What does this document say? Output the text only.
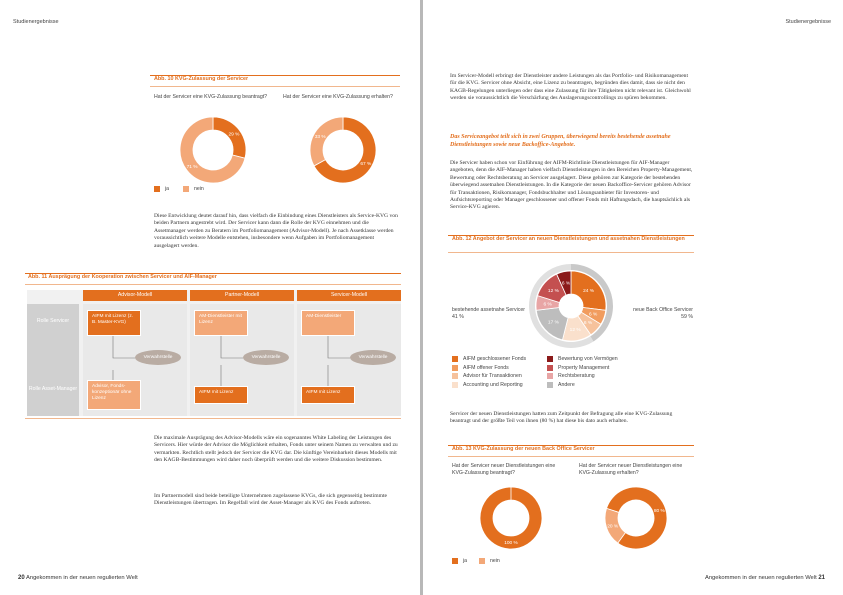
Studienergebnisse
Abb. 10 KVG-Zulassung der Servicer
Hat der Servicer eine KVG-Zulassung beantragt?	Hat der Servicer eine KVG-Zulassung erhalten?
29 %
71 %
67 %
33 %
ja	nein
Diese Entwicklung deutet darauf hin, dass vielfach die Einbindung eines Dienstleisters als Service-KVG von beiden Partnern angestrebt wird. Der Servicer kann dann die Rolle der KVG einnehmen und die Assetmanager werden zu Beratern im Portfoliomanagement (Advisor-Modell). Je nach Assetklasse werden voraussichtlich weitere Modelle entstehen, insbesondere wenn Aufgaben im Portfoliomanagement ausgelagert werden.
Abb. 11 Ausprägung der Kooperation zwischen Servicer und AIF-Manager
Rolle Servicer
Rolle Asset-Manager
Advisor-Modell
AIFM mit Lizenz (z. B. Master-KVG)
Verwahrstelle
Advisor, Fonds-konzeptionär ohne Lizenz
Partner-Modell
AM-Dienstleister mit Lizenz
Verwahrstelle
AIFM mit Lizenz
Servicer-Modell
AM-Dienstleister
Verwahrstelle
AIFM mit Lizenz
Die maximale Ausprägung des Advisor-Modells wäre ein sogenanntes White Labeling der Leistungen des Servicers. Hier würde der Advisor die Möglichkeit erhalten, Fonds unter seinem Namen zu verwalten und zu vermarkten. Rechtlich stellt jedoch der Servicer die KVG dar. Die künftige Vereinbarkeit dieses Modells mit den KAGB-Bestimmungen wird daher noch überprüft werden und die weitere Diskussion bestimmen.
Im Partnermodell sind beide beteiligte Unternehmen zugelassene KVGs, die sich gegenseitig bestimmte Dienstleistungen übertragen. Im Regelfall wird der Asset-Manager als KVG des Fonds auftreten.
20 Angekommen in der neuen regulierten Welt
Studienergebnisse
Im Servicer-Modell erbringt der Dienstleister andere Leistungen als das Portfolio- und Risikomanagement für die KVG. Servicer ohne Absicht, eine Lizenz zu beantragen, begründen dies damit, dass sie nicht den KAGB-Regelungen unterliegen oder dass eine Zulassung für ihre Tätigkeiten nicht relevant ist. Gleichwohl werden sie voraussichtlich die Verschärfung des Auslagerungscontrollings zu spüren bekommen.
Das Serviceangebot teilt sich in zwei Gruppen, überwiegend bereits bestehende assetnahe Dienstleistungen sowie neue Backoffice-Angebote.
Die Servicer haben schon vor Einführung der AIFM-Richtlinie Dienstleistungen für AIF-Manager angeboten, denn die AIF-Manager haben vielfach Dienstleistungen in den Bereichen Property-Management, Bewertung oder Rechtsberatung an Servicer ausgelagert. Diese gehören zur Kategorie der bestehenden überwiegend assetnahen Dienstleistungen. In die Kategorie der neuen Backoffice-Servicer gehören Advisor für Transaktionen, Risikomanager, Fondsbuchhalter und Lösungsanbieter für Investoren- und Aufsichtsreporting oder Manager geschlossener und offener Fonds mit Haftungsdach, die hauptsächlich als Service-KVG agieren.
Abb. 12 Angebot der Servicer an neuen Dienstleistungen und assetnahen Dienstleistungen
24 %
6 %
6 %
12 %
17 %
6 %
12 %
6 %
bestehende assetnahe Servicer
41 %
neue Back Office Servicer
59 %
AIFM geschlossener Fonds	Bewertung von Vermögen
AIFM offener Fonds	Property Management
Advisor für Transaktionen	Rechtsberatung
Accounting und Reporting	Andere
Servicer der neuen Dienstleistungen hatten zum Zeitpunkt der Befragung alle eine KVG-Zulassung beantragt und der größte Teil von ihnen (80 %) hat diese bis dato auch erhalten.
Abb. 13 KVG-Zulassung der neuen Back Office Servicer
Hat der Servicer neuer Dienstleistungen eine KVG-Zulassung beantragt?
Hat der Servicer neuer Dienstleistungen eine KVG-Zulassung erhalten?
100 %
80 %
20 %
ja	nein
Angekommen in der neuen regulierten Welt 21
